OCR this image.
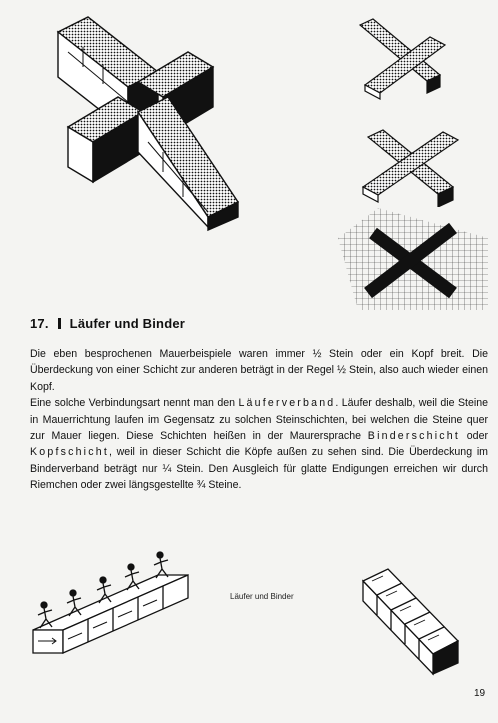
17. Läufer und Binder

Die eben besprochenen Mauerbeispiele waren immer ½ Stein oder ein Kopf breit. Die Überdeckung von einer Schicht zur anderen beträgt in der Regel ½ Stein, also auch wieder einen Kopf.

Eine solche Verbindungsart nennt man den Läuferverband. Läufer deshalb, weil die Steine in Mauerrichtung laufen im Gegensatz zu solchen Steinschichten, bei welchen die Steine quer zur Mauer liegen. Diese Schichten heißen in der Maurersprache Binderschicht oder Kopfschicht, weil in dieser Schicht die Köpfe außen zu sehen sind. Die Überdeckung im Binderverband beträgt nur ¼ Stein. Den Ausgleich für glatte Endigungen erreichen wir durch Riemchen oder zwei längsgestellte ¾ Steine.

Läufer und Binder
19
